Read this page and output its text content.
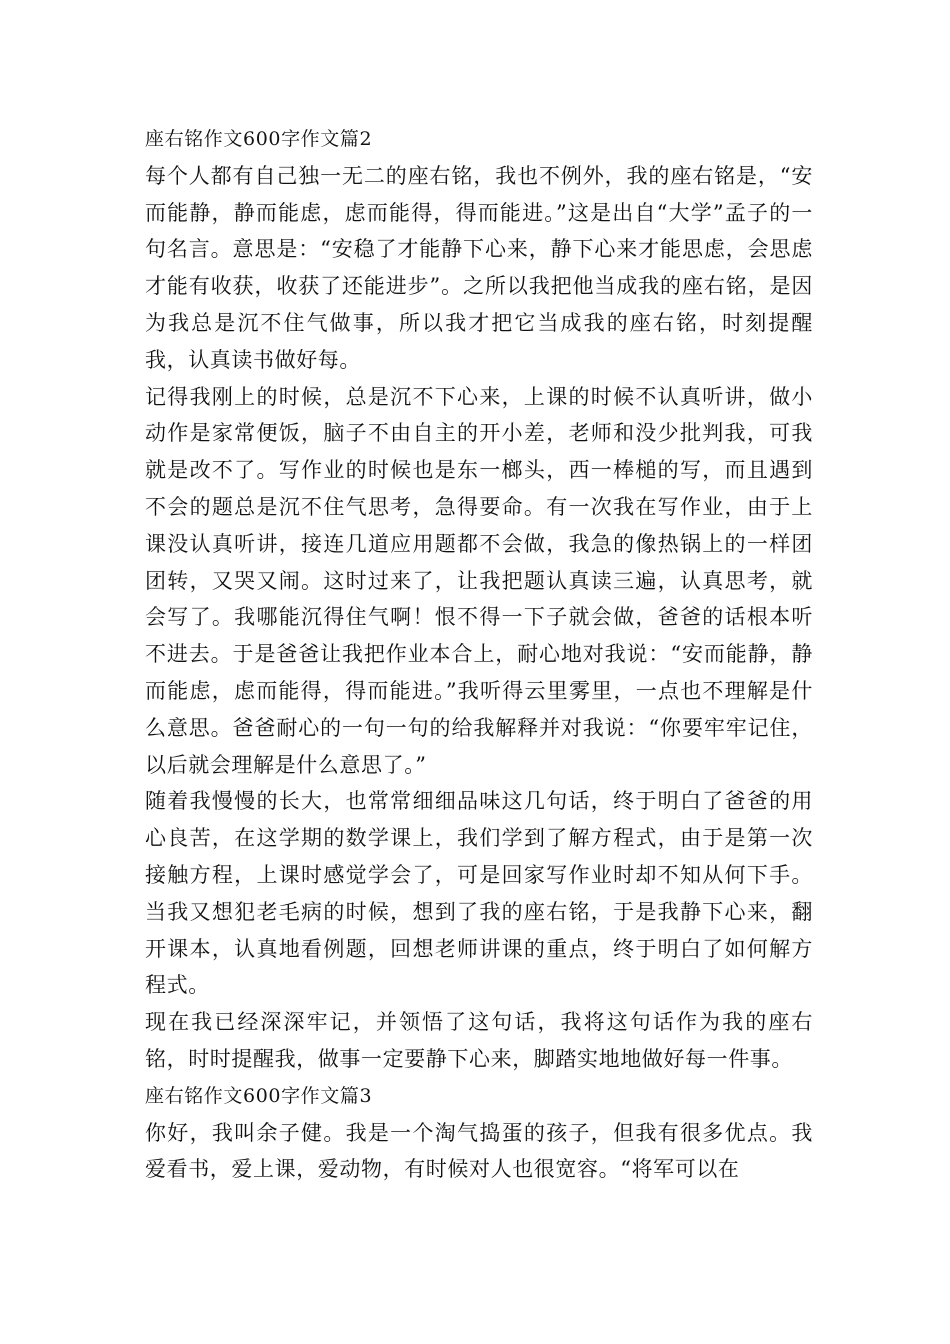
座右铭作文600字作文篇2

每个人都有自己独一无二的座右铭，我也不例外，我的座右铭是，“安而能静，静而能虑，虑而能得，得而能进。”这是出自“大学”孟子的一句名言。意思是：“安稳了才能静下心来，静下心来才能思虑，会思虑才能有收获，收获了还能进步”。之所以我把他当成我的座右铭，是因为我总是沉不住气做事，所以我才把它当成我的座右铭，时刻提醒我，认真读书做好每。

记得我刚上的时候，总是沉不下心来，上课的时候不认真听讲，做小动作是家常便饭，脑子不由自主的开小差，老师和没少批判我，可我就是改不了。写作业的时候也是东一榔头，西一棒槌的写，而且遇到不会的题总是沉不住气思考，急得要命。有一次我在写作业，由于上课没认真听讲，接连几道应用题都不会做，我急的像热锅上的一样团团转，又哭又闹。这时过来了，让我把题认真读三遍，认真思考，就会写了。我哪能沉得住气啊！恨不得一下子就会做，爸爸的话根本听不进去。于是爸爸让我把作业本合上，耐心地对我说：“安而能静，静而能虑，虑而能得，得而能进。”我听得云里雾里，一点也不理解是什么意思。爸爸耐心的一句一句的给我解释并对我说：“你要牢牢记住，以后就会理解是什么意思了。”

随着我慢慢的长大，也常常细细品味这几句话，终于明白了爸爸的用心良苦，在这学期的数学课上，我们学到了解方程式，由于是第一次接触方程，上课时感觉学会了，可是回家写作业时却不知从何下手。当我又想犯老毛病的时候，想到了我的座右铭，于是我静下心来，翻开课本，认真地看例题，回想老师讲课的重点，终于明白了如何解方程式。

现在我已经深深牢记，并领悟了这句话，我将这句话作为我的座右铭，时时提醒我，做事一定要静下心来，脚踏实地地做好每一件事。

座右铭作文600字作文篇3

你好，我叫余子健。我是一个淘气捣蛋的孩子，但我有很多优点。我爱看书，爱上课，爱动物，有时候对人也很宽容。“将军可以在
